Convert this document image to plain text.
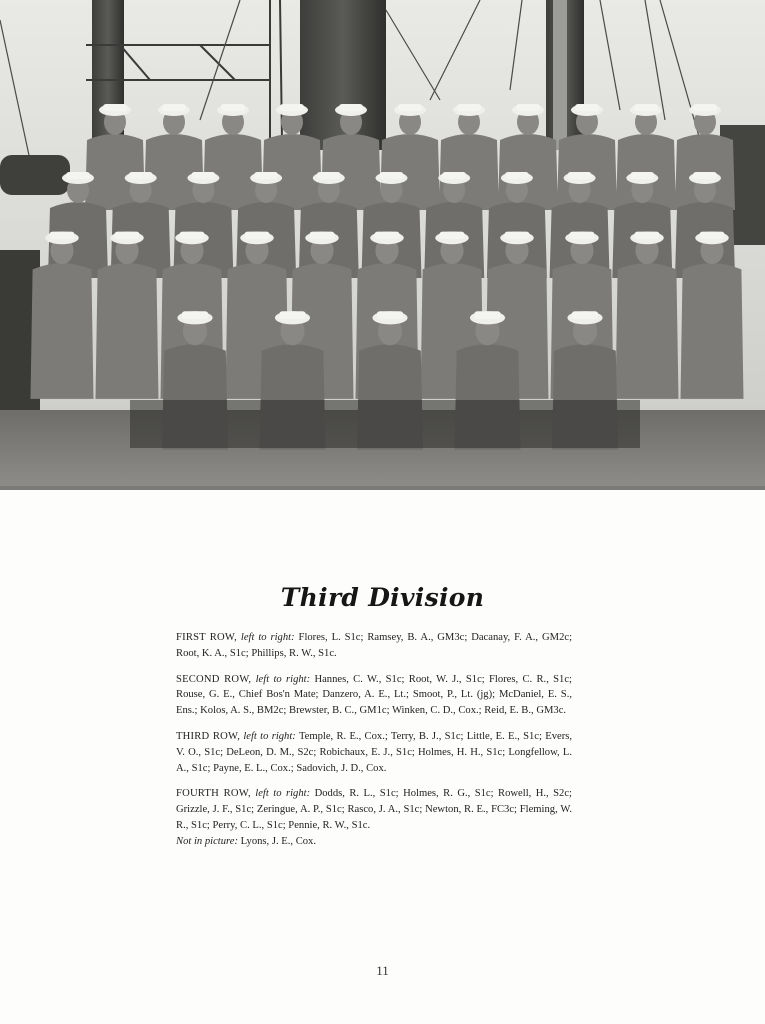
Third Division

FIRST ROW, left to right: Flores, L. S1c; Ramsey, B. A., GM3c; Dacanay, F. A., GM2c; Root, K. A., S1c; Phillips, R. W., S1c.

SECOND ROW, left to right: Hannes, C. W., S1c; Root, W. J., S1c; Flores, C. R., S1c; Rouse, G. E., Chief Bos'n Mate; Danzero, A. E., Lt.; Smoot, P., Lt. (jg); McDaniel, E. S., Ens.; Kolos, A. S., BM2c; Brewster, B. C., GM1c; Winken, C. D., Cox.; Reid, E. B., GM3c.

THIRD ROW, left to right: Temple, R. E., Cox.; Terry, B. J., S1c; Little, E. E., S1c; Evers, V. O., S1c; DeLeon, D. M., S2c; Robichaux, E. J., S1c; Holmes, H. H., S1c; Longfellow, L. A., S1c; Payne, E. L., Cox.; Sadovich, J. D., Cox.

FOURTH ROW, left to right: Dodds, R. L., S1c; Holmes, R. G., S1c; Rowell, H., S2c; Grizzle, J. F., S1c; Zeringue, A. P., S1c; Rasco, J. A., S1c; Newton, R. E., FC3c; Fleming, W. R., S1c; Perry, C. L., S1c; Pennie, R. W., S1c.
Not in picture: Lyons, J. E., Cox.

11
